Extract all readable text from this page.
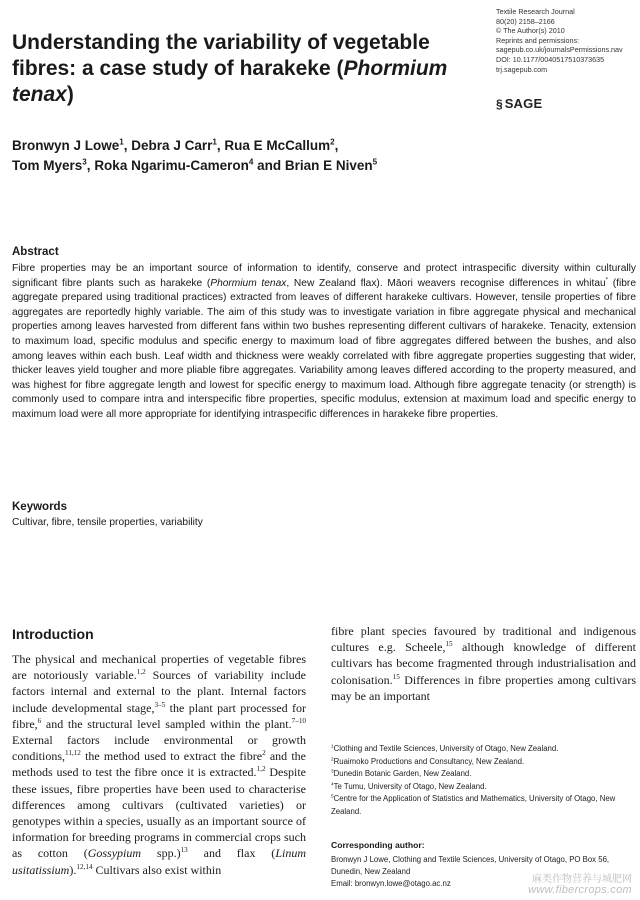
Textile Research Journal
80(20) 2158–2166
© The Author(s) 2010
Reprints and permissions:
sagepub.co.uk/journalsPermissions.nav
DOI: 10.1177/0040517510373635
trj.sagepub.com
§ SAGE
Understanding the variability of vegetable fibres: a case study of harakeke (Phormium tenax)
Bronwyn J Lowe$^1$, Debra J Carr$^1$, Rua E McCallum$^2$,
Tom Myers$^3$, Roka Ngarimu-Cameron$^4$ and Brian E Niven$^5$
Abstract

Fibre properties may be an important source of information to identify, conserve and protect intraspecific diversity within culturally significant fibre plants such as harakeke (Phormium tenax, New Zealand flax). Māori weavers recognise differences in whitau* (fibre aggregate prepared using traditional practices) extracted from leaves of different harakeke cultivars. However, tensile properties of fibre aggregates are reportedly highly variable. The aim of this study was to investigate variation in fibre aggregate physical and mechanical properties among leaves harvested from different fans within two bushes representing different cultivars of harakeke. Tenacity, extension to maximum load, specific modulus and specific energy to maximum load of fibre aggregates differed between the bushes, and also among leaves within each bush. Leaf width and thickness were weakly correlated with fibre aggregate properties suggesting that wider, thicker leaves yield tougher and more pliable fibre aggregates. Variability among leaves differed according to the property measured, and was highest for fibre aggregate length and lowest for specific energy to maximum load. Although fibre aggregate tenacity (or strength) is commonly used to compare intra and interspecific fibre properties, specific modulus, extension at maximum load and specific energy to maximum load were all more appropriate for identifying intraspecific differences in harakeke fibre properties.

Keywords
Cultivar, fibre, tensile properties, variability
Introduction

The physical and mechanical properties of vegetable fibres are notoriously variable.$^{1,2}$ Sources of variability include factors internal and external to the plant. Internal factors include developmental stage,$^{3-5}$ the plant part processed for fibre,$^6$ and the structural level sampled within the plant.$^{7-10}$ External factors include environmental or growth conditions,$^{11,12}$ the method used to extract the fibre$^2$ and the methods used to test the fibre once it is extracted.$^{1,2}$ Despite these issues, fibre properties have been used to characterise differences among cultivars (cultivated varieties) or genotypes within a species, usually as an important source of information for breeding programs in commercial crops such as cotton (Gossypium spp.)$^{13}$ and flax (Linum usitatissium).$^{12,14}$ Cultivars also exist within

fibre plant species favoured by traditional and indigenous cultures e.g. Scheele,$^{15}$ although knowledge of different cultivars has become fragmented through industrialisation and colonisation.$^{15}$ Differences in fibre properties among cultivars may be an important

$^1$Clothing and Textile Sciences, University of Otago, New Zealand.
$^2$Ruaimoko Productions and Consultancy, New Zealand.
$^3$Dunedin Botanic Garden, New Zealand.
$^4$Te Tumu, University of Otago, New Zealand.
$^5$Centre for the Application of Statistics and Mathematics, University of Otago, New Zealand.
Corresponding author:
Bronwyn J Lowe, Clothing and Textile Sciences, University of Otago, PO Box 56, Dunedin, New Zealand
Email: bronwyn.lowe@otago.ac.nz	麻类作物营养与城肥网
www.fibercrops.com
